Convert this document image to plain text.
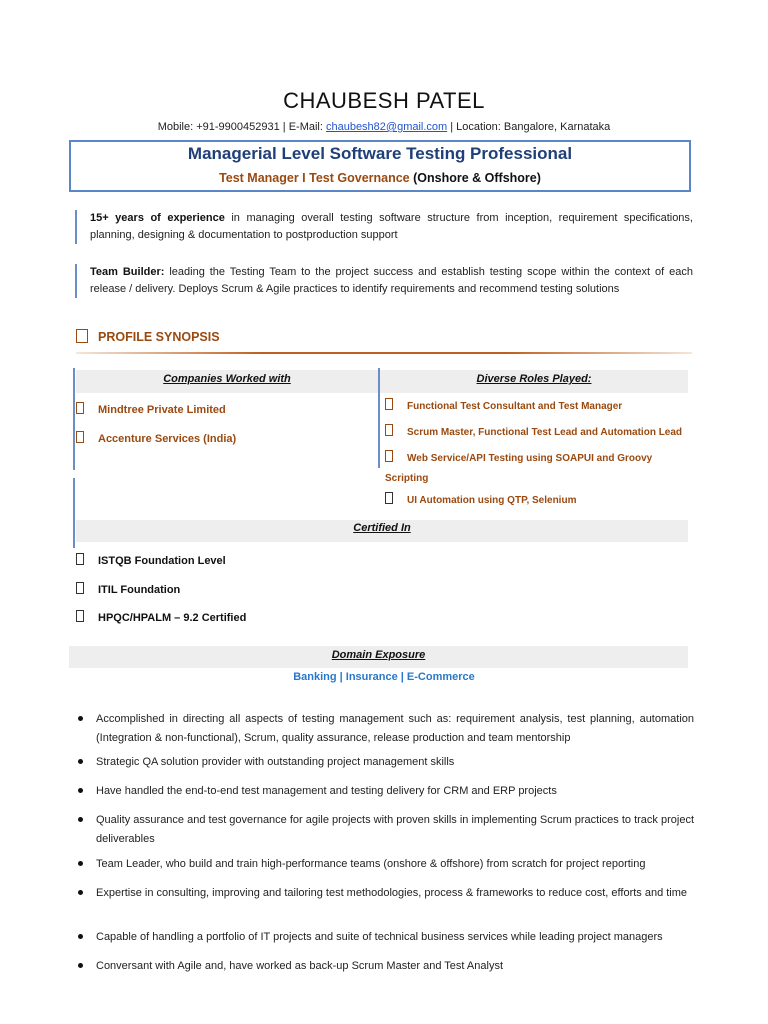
CHAUBESH PATEL
Mobile: +91-9900452931 | E-Mail: chaubesh82@gmail.com | Location: Bangalore, Karnataka
Managerial Level Software Testing Professional
Test Manager I Test Governance (Onshore & Offshore)
15+ years of experience in managing overall testing software structure from inception, requirement specifications, planning, designing & documentation to postproduction support
Team Builder: leading the Testing Team to the project success and establish testing scope within the context of each release / delivery. Deploys Scrum & Agile practices to identify requirements and recommend testing solutions
PROFILE SYNOPSIS
Companies Worked with	Diverse Roles Played:
Mindtree Private Limited
Accenture Services (India)
Functional Test Consultant and Test Manager
Scrum Master, Functional Test Lead and Automation Lead
Web Service/API Testing using SOAPUI and Groovy Scripting
UI Automation using QTP, Selenium
Certified In
ISTQB Foundation Level
ITIL Foundation
HPQC/HPALM – 9.2 Certified
Domain Exposure
Banking | Insurance | E-Commerce
Accomplished in directing all aspects of testing management such as: requirement analysis, test planning, automation (Integration & non-functional), Scrum, quality assurance, release production and team mentorship
Strategic QA solution provider with outstanding project management skills
Have handled the end-to-end test management and testing delivery for CRM and ERP projects
Quality assurance and test governance for agile projects with proven skills in implementing Scrum practices to track project deliverables
Team Leader, who build and train high-performance teams (onshore & offshore) from scratch for project reporting
Expertise in consulting, improving and tailoring test methodologies, process & frameworks to reduce cost, efforts and time
Capable of handling a portfolio of IT projects and suite of technical business services while leading project managers
Conversant with Agile and, have worked as back-up Scrum Master and Test Analyst
